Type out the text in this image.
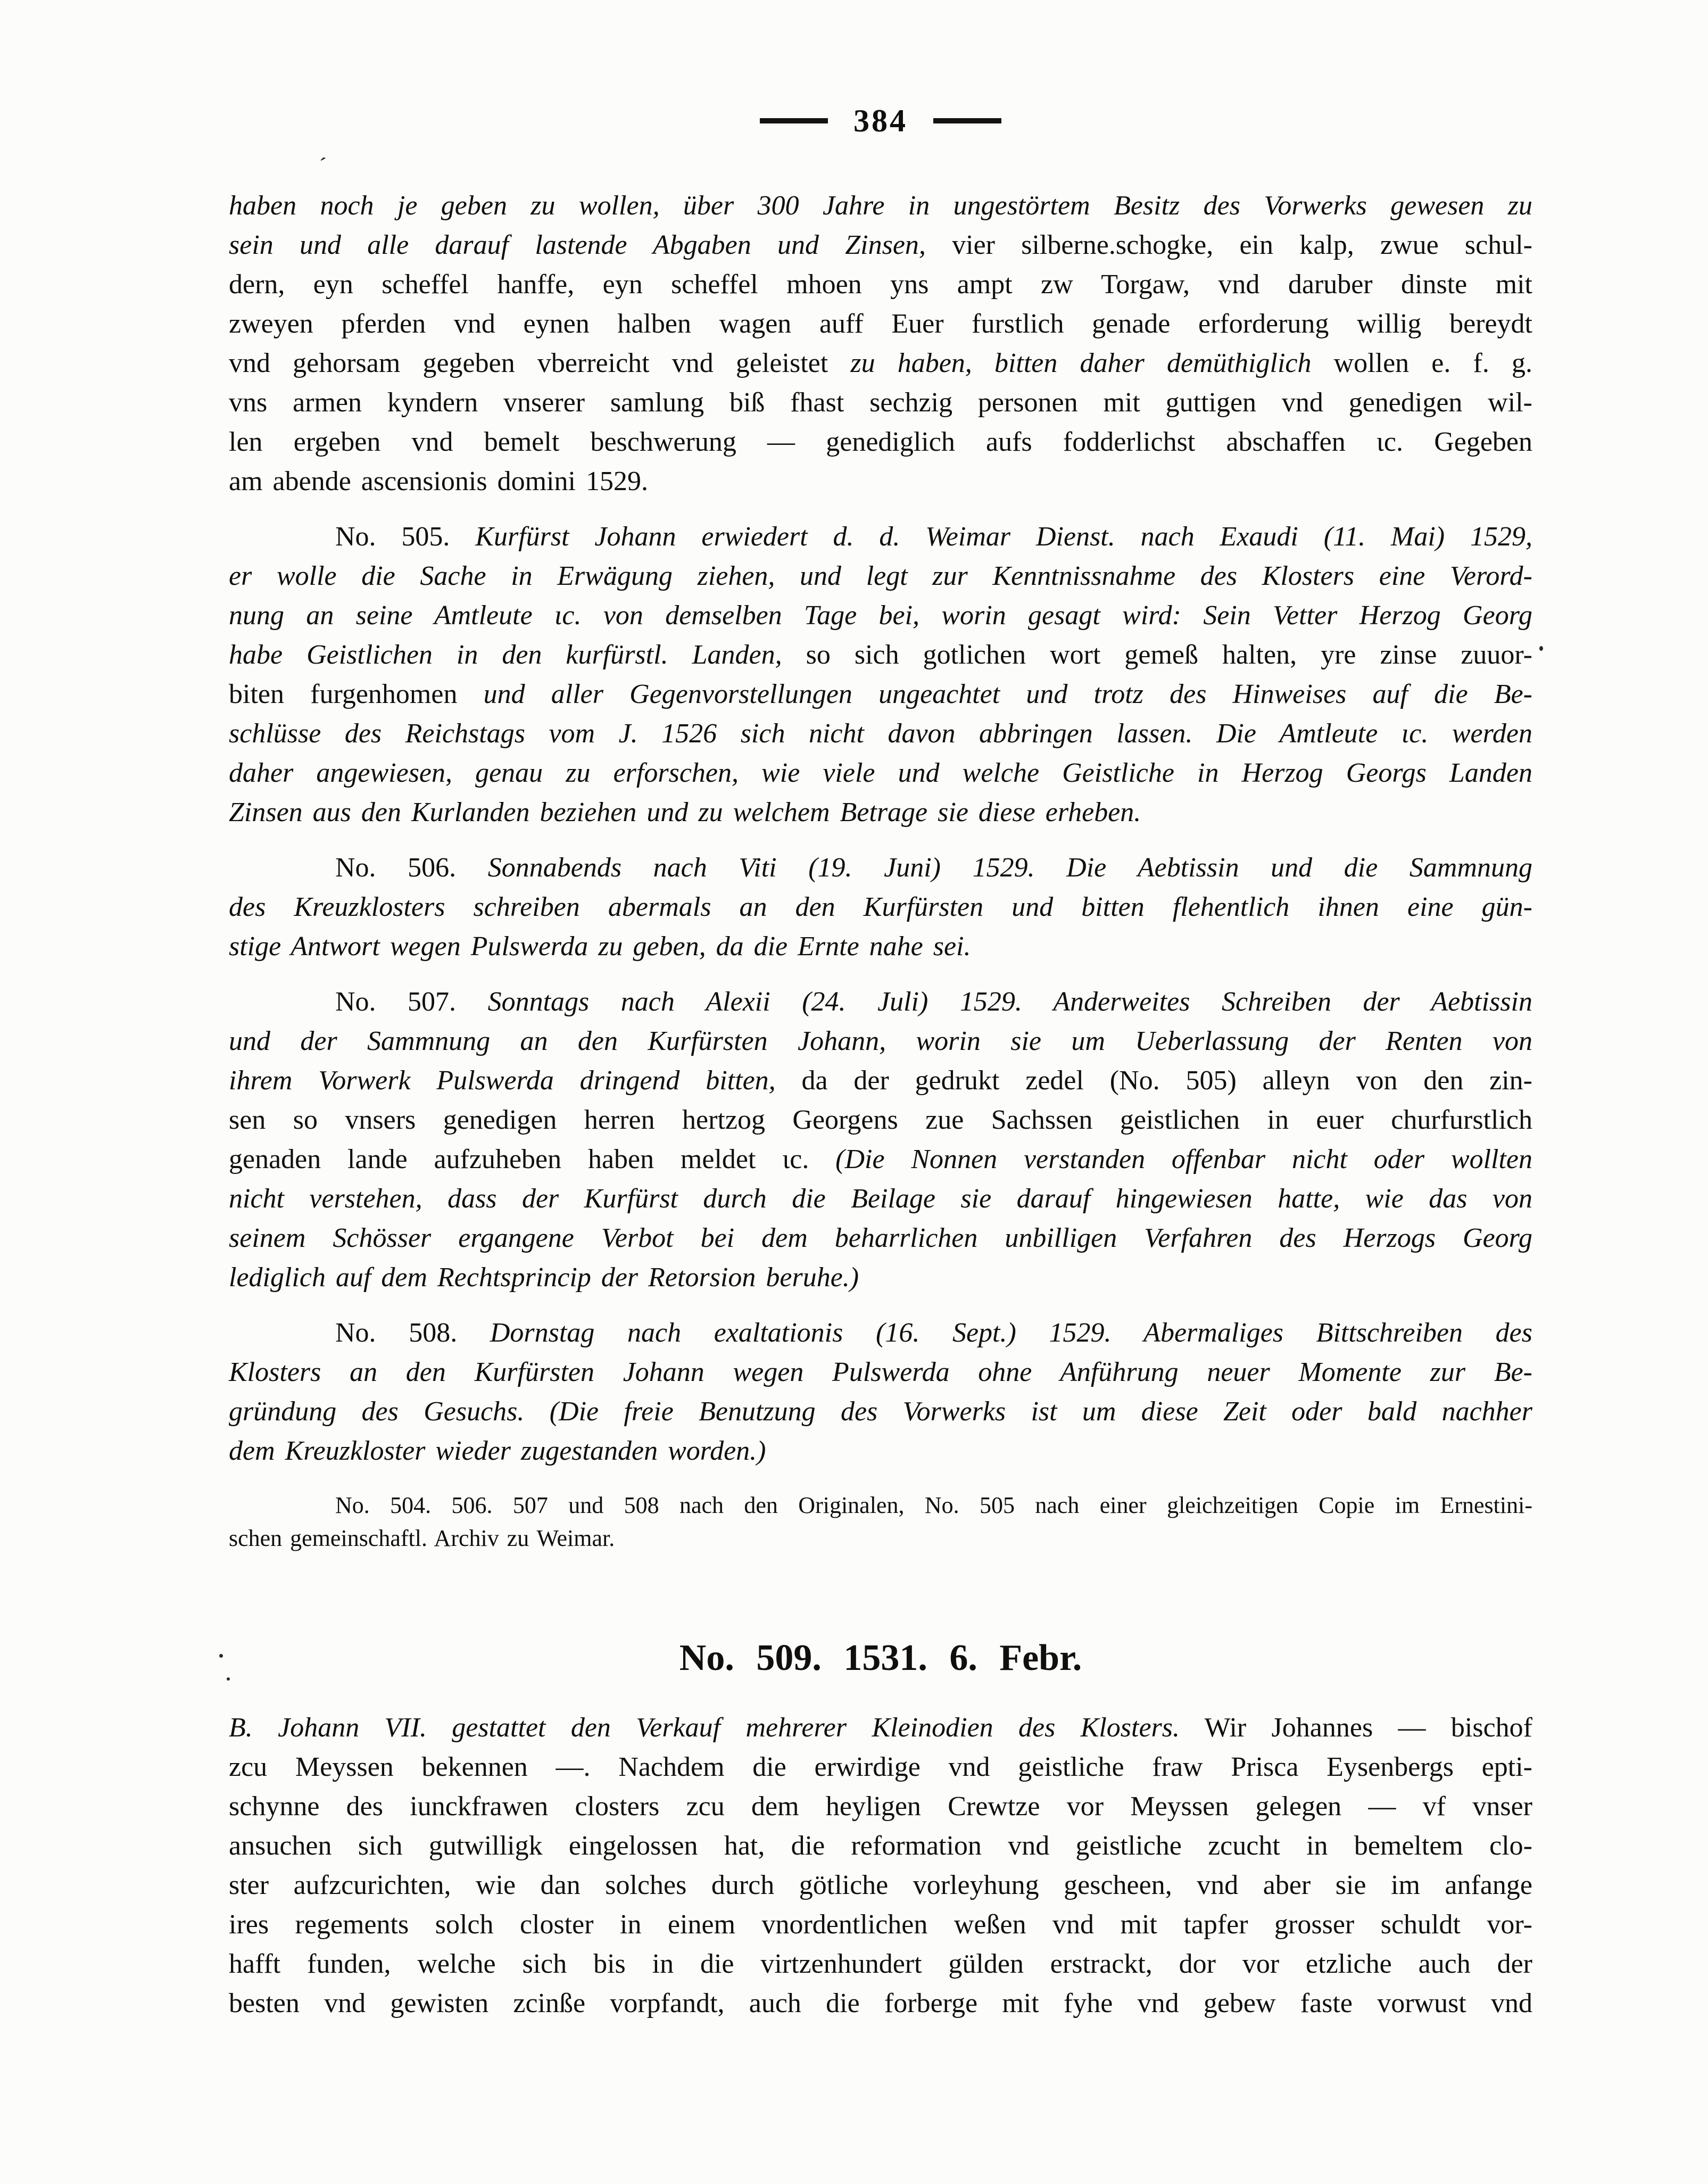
384
haben noch je geben zu wollen, über 300 Jahre in ungestörtem Besitz des Vorwerks gewesen zu
sein und alle darauf lastende Abgaben und Zinsen, vier silberne.schogke, ein kalp, zwue schul-
dern, eyn scheffel hanffe, eyn scheffel mhoen yns ampt zw Torgaw, vnd daruber dinste mit
zweyen pferden vnd eynen halben wagen auff Euer furstlich genade erforderung willig bereydt
vnd gehorsam gegeben vberreicht vnd geleistet zu haben, bitten daher demüthiglich wollen e. f. g.
vns armen kyndern vnserer samlung biß fhast sechzig personen mit guttigen vnd genedigen wil-
len ergeben vnd bemelt beschwerung — genediglich aufs fodderlichst abschaffen ɩc. Gegeben
am abende ascensionis domini 1529.
No. 505. Kurfürst Johann erwiedert d. d. Weimar Dienst. nach Exaudi (11. Mai) 1529,
er wolle die Sache in Erwägung ziehen, und legt zur Kenntnissnahme des Klosters eine Verord-
nung an seine Amtleute ɩc. von demselben Tage bei, worin gesagt wird: Sein Vetter Herzog Georg
habe Geistlichen in den kurfürstl. Landen, so sich gotlichen wort gemeß halten, yre zinse zuuor-
biten furgenhomen und aller Gegenvorstellungen ungeachtet und trotz des Hinweises auf die Be-
schlüsse des Reichstags vom J. 1526 sich nicht davon abbringen lassen. Die Amtleute ɩc. werden
daher angewiesen, genau zu erforschen, wie viele und welche Geistliche in Herzog Georgs Landen
Zinsen aus den Kurlanden beziehen und zu welchem Betrage sie diese erheben.
No. 506. Sonnabends nach Viti (19. Juni) 1529. Die Aebtissin und die Sammnung
des Kreuzklosters schreiben abermals an den Kurfürsten und bitten flehentlich ihnen eine gün-
stige Antwort wegen Pulswerda zu geben, da die Ernte nahe sei.
No. 507. Sonntags nach Alexii (24. Juli) 1529. Anderweites Schreiben der Aebtissin
und der Sammnung an den Kurfürsten Johann, worin sie um Ueberlassung der Renten von
ihrem Vorwerk Pulswerda dringend bitten, da der gedrukt zedel (No. 505) alleyn von den zin-
sen so vnsers genedigen herren hertzog Georgens zue Sachssen geistlichen in euer churfurstlich
genaden lande aufzuheben haben meldet ɩc. (Die Nonnen verstanden offenbar nicht oder wollten
nicht verstehen, dass der Kurfürst durch die Beilage sie darauf hingewiesen hatte, wie das von
seinem Schösser ergangene Verbot bei dem beharrlichen unbilligen Verfahren des Herzogs Georg
lediglich auf dem Rechtsprincip der Retorsion beruhe.)
No. 508. Dornstag nach exaltationis (16. Sept.) 1529. Abermaliges Bittschreiben des
Klosters an den Kurfürsten Johann wegen Pulswerda ohne Anführung neuer Momente zur Be-
gründung des Gesuchs. (Die freie Benutzung des Vorwerks ist um diese Zeit oder bald nachher
dem Kreuzkloster wieder zugestanden worden.)
No. 504. 506. 507 und 508 nach den Originalen, No. 505 nach einer gleichzeitigen Copie im Ernestini-
schen gemeinschaftl. Archiv zu Weimar.
No. 509. 1531. 6. Febr.
B. Johann VII. gestattet den Verkauf mehrerer Kleinodien des Klosters. Wir Johannes — bischof
zcu Meyssen bekennen —. Nachdem die erwirdige vnd geistliche fraw Prisca Eysenbergs epti-
schynne des iunckfrawen closters zcu dem heyligen Crewtze vor Meyssen gelegen — vf vnser
ansuchen sich gutwilligk eingelossen hat, die reformation vnd geistliche zcucht in bemeltem clo-
ster aufzcurichten, wie dan solches durch götliche vorleyhung gescheen, vnd aber sie im anfange
ires regements solch closter in einem vnordentlichen weßen vnd mit tapfer grosser schuldt vor-
hafft funden, welche sich bis in die virtzenhundert gülden erstrackt, dor vor etzliche auch der
besten vnd gewisten zcinße vorpfandt, auch die forberge mit fyhe vnd gebew faste vorwust vnd
´
